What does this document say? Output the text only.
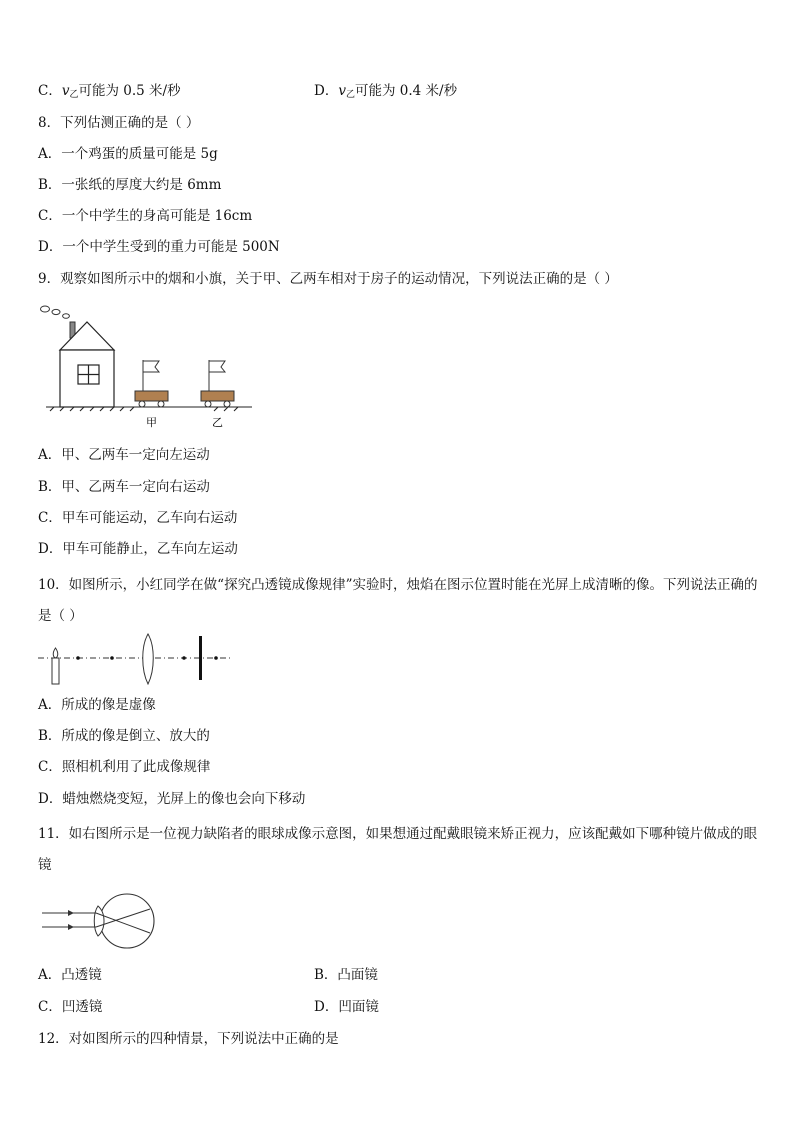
C．$v_乙$可能为 0.5 米/秒	D．$v_乙$可能为 0.4 米/秒
8．下列估测正确的是（ ）
A．一个鸡蛋的质量可能是 5g
B．一张纸的厚度大约是 6mm
C．一个中学生的身高可能是 16cm
D．一个中学生受到的重力可能是 500N
9．观察如图所示中的烟和小旗，关于甲、乙两车相对于房子的运动情况，下列说法正确的是（ ）
甲	乙
A．甲、乙两车一定向左运动
B．甲、乙两车一定向右运动
C．甲车可能运动，乙车向右运动
D．甲车可能静止，乙车向左运动
10．如图所示，小红同学在做“探究凸透镜成像规律”实验时，烛焰在图示位置时能在光屏上成清晰的像。下列说法正确的是（ ）
A．所成的像是虚像
B．所成的像是倒立、放大的
C．照相机利用了此成像规律
D．蜡烛燃烧变短，光屏上的像也会向下移动
11．如右图所示是一位视力缺陷者的眼球成像示意图，如果想通过配戴眼镜来矫正视力，应该配戴如下哪种镜片做成的眼镜
A．凸透镜	B．凸面镜
C．凹透镜	D．凹面镜
12．对如图所示的四种情景，下列说法中正确的是
